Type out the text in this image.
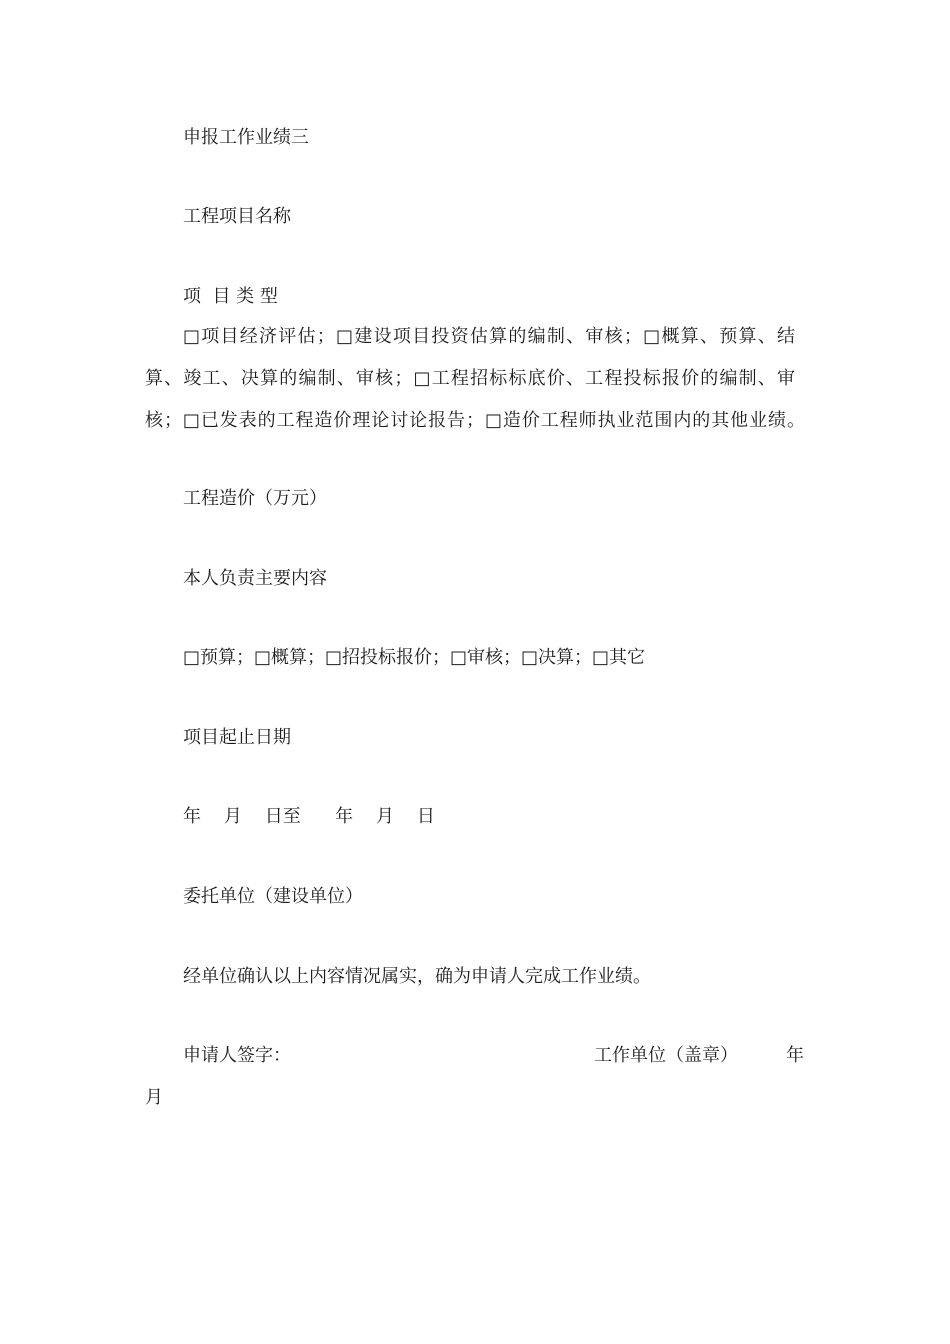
申报工作业绩三

工程项目名称

项  目 类 型

□项目经济评估；□建设项目投资估算的编制、审核；□概算、预算、结

算、竣工、决算的编制、审核；□工程招标标底价、工程投标报价的编制、审

核；□已发表的工程造价理论讨论报告；□造价工程师执业范围内的其他业绩。

工程造价（万元）

本人负责主要内容

□预算；□概算；□招投标报价；□审核；□决算；□其它

项目起止日期

年    月    日至      年    月    日

委托单位（建设单位）

经单位确认以上内容情况属实，确为申请人完成工作业绩。

申请人签字：	工作单位（盖章）	年

月
